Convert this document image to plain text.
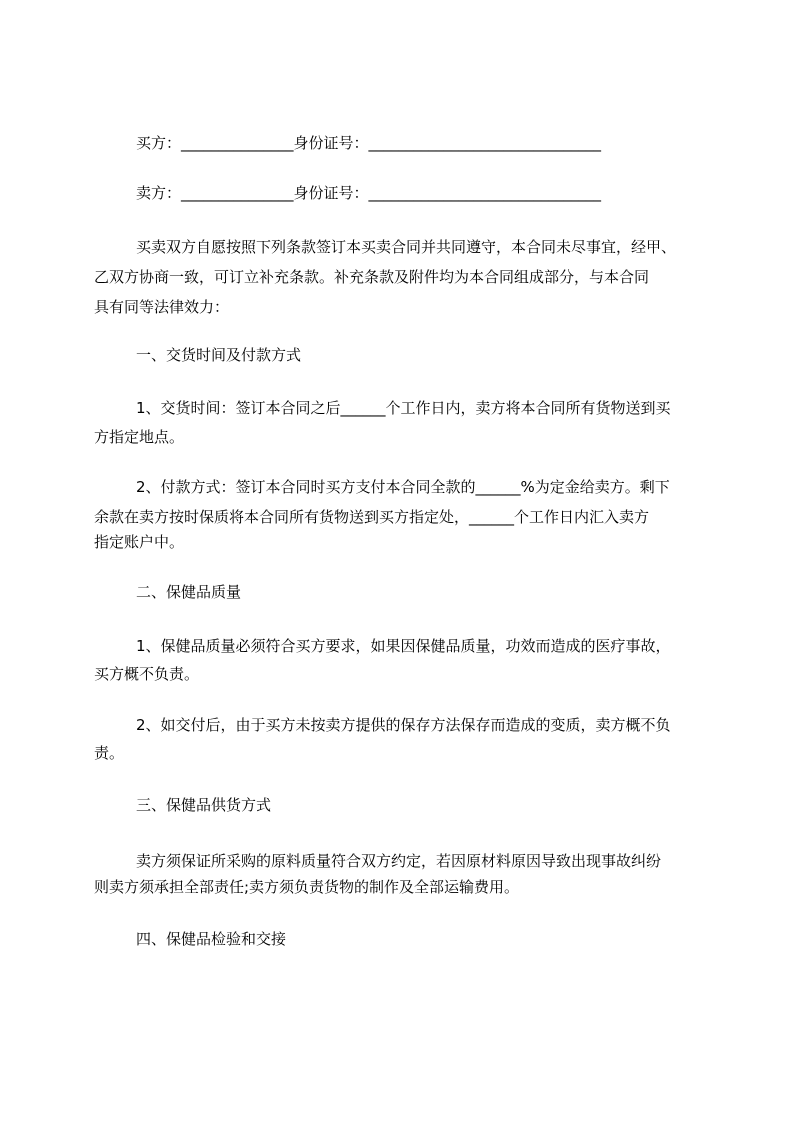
买方：_______________身份证号：_______________________________
卖方：_______________身份证号：_______________________________
买卖双方自愿按照下列条款签订本买卖合同并共同遵守，本合同未尽事宜，经甲、
乙双方协商一致，可订立补充条款。补充条款及附件均为本合同组成部分，与本合同
具有同等法律效力：
一、交货时间及付款方式
1、交货时间：签订本合同之后______个工作日内，卖方将本合同所有货物送到买
方指定地点。
2、付款方式：签订本合同时买方支付本合同全款的______%为定金给卖方。剩下
余款在卖方按时保质将本合同所有货物送到买方指定处，______个工作日内汇入卖方
指定账户中。
二、保健品质量
1、保健品质量必须符合买方要求，如果因保健品质量，功效而造成的医疗事故，
买方概不负责。
2、如交付后，由于买方未按卖方提供的保存方法保存而造成的变质，卖方概不负
责。
三、保健品供货方式
卖方须保证所采购的原料质量符合双方约定，若因原材料原因导致出现事故纠纷
则卖方须承担全部责任;卖方须负责货物的制作及全部运输费用。
四、保健品检验和交接
